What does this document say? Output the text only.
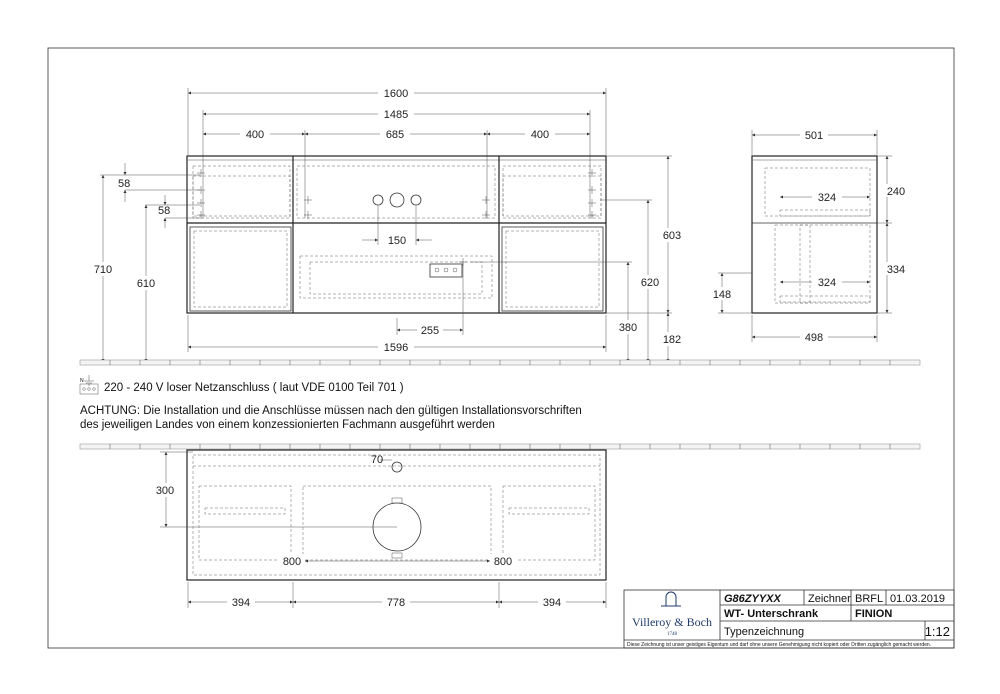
1600
1485
400	685	400
58
58
710
610
150
255
1596
603
620
380
182
501
324
324
240
334
148
498
N
220 - 240 V loser Netzanschluss ( laut VDE 0100 Teil 701 )
ACHTUNG: Die Installation und die Anschlüsse müssen nach den gültigen Installationsvorschriften
des jeweiligen Landes von einem konzessionierten Fachmann ausgeführt werden
70
300
800	800
394	778	394
Villeroy & Boch
1748
G86ZYYXX Zeichner BRFL 01.03.2019
WT- Unterschrank	FINION
Typenzeichnung	1:12
Diese Zeichnung ist unser geistiges Eigentum und darf ohne unsere Genehmigung nicht kopiert oder Dritten zugänglich gemacht werden.
